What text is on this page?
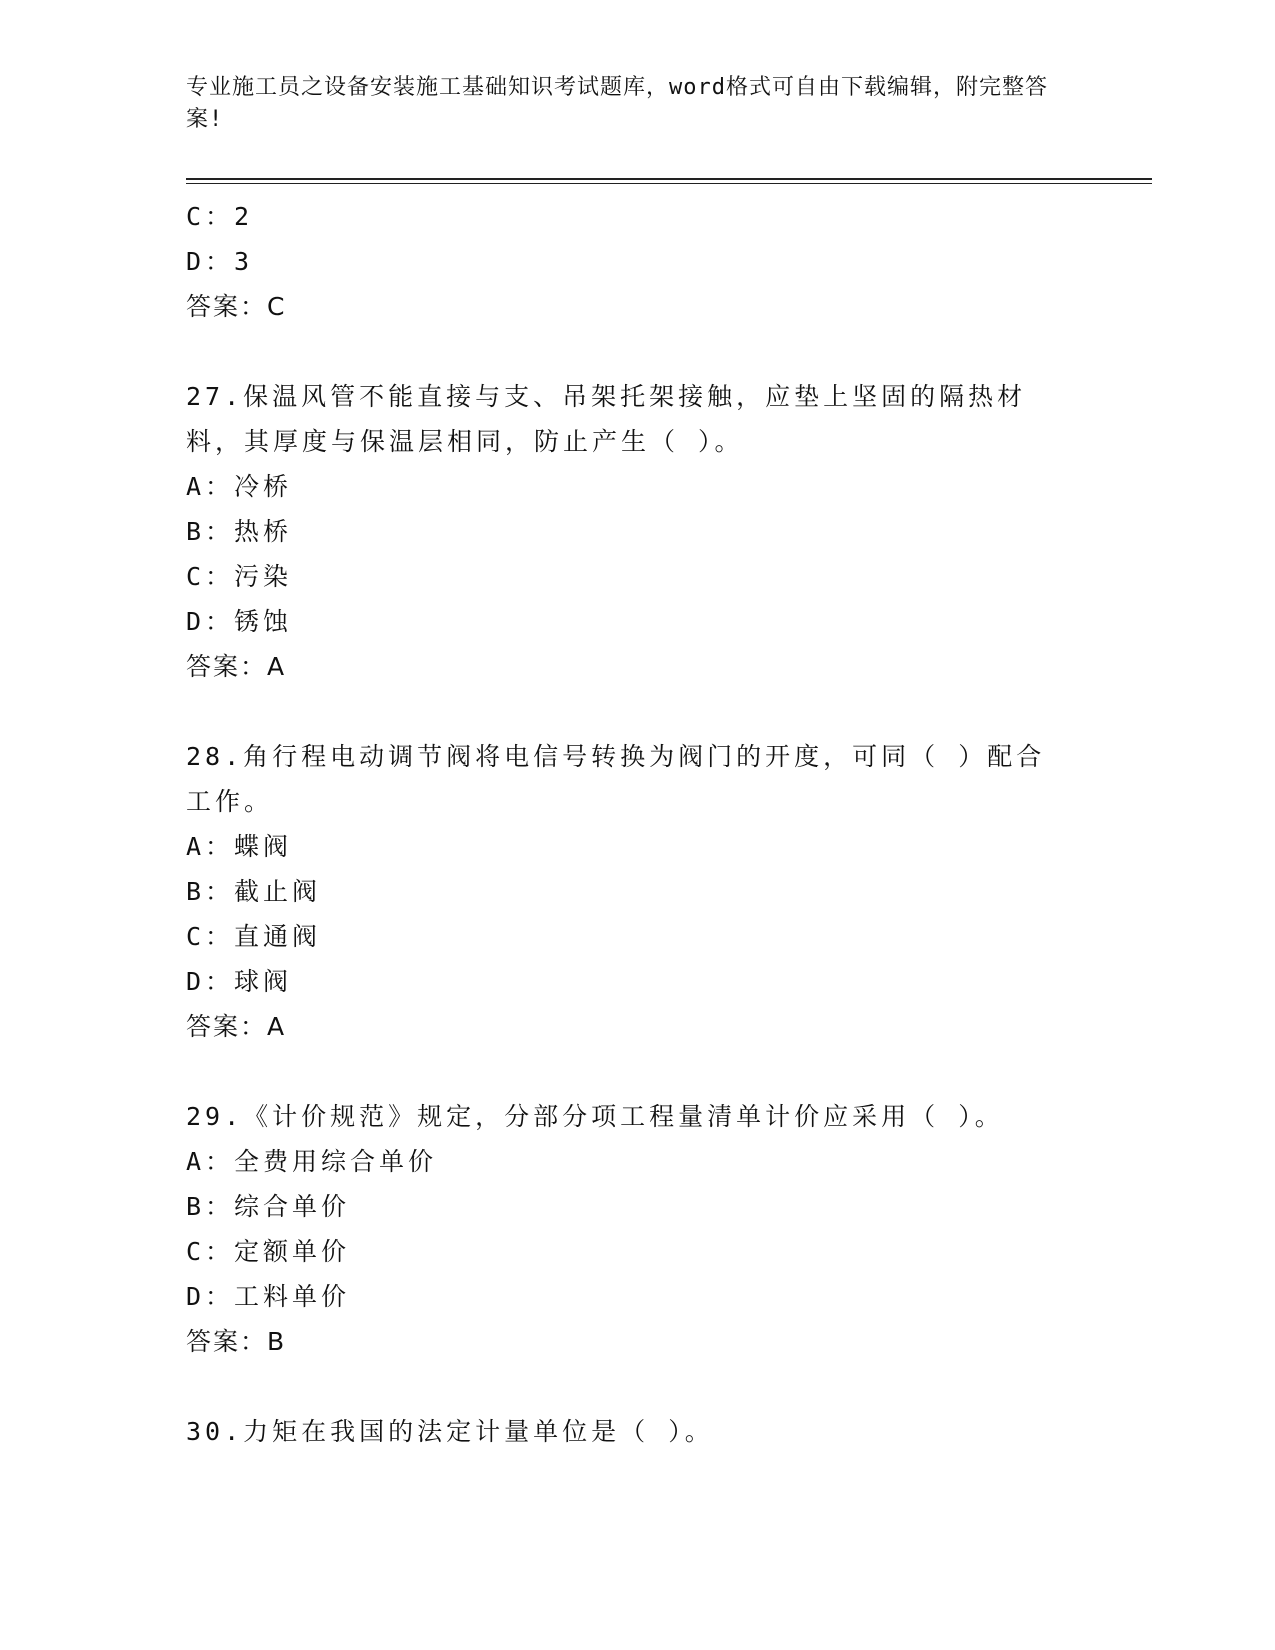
专业施工员之设备安装施工基础知识考试题库，word格式可自由下载编辑，附完整答案!
C：2
D：3
答案：C
27.保温风管不能直接与支、吊架托架接触，应垫上坚固的隔热材料，其厚度与保温层相同，防止产生（ ）。
A：冷桥
B：热桥
C：污染
D：锈蚀
答案：A
28.角行程电动调节阀将电信号转换为阀门的开度，可同（ ）配合工作。
A：蝶阀
B：截止阀
C：直通阀
D：球阀
答案：A
29.《计价规范》规定，分部分项工程量清单计价应采用（ ）。
A：全费用综合单价
B：综合单价
C：定额单价
D：工料单价
答案：B
30.力矩在我国的法定计量单位是（ ）。
